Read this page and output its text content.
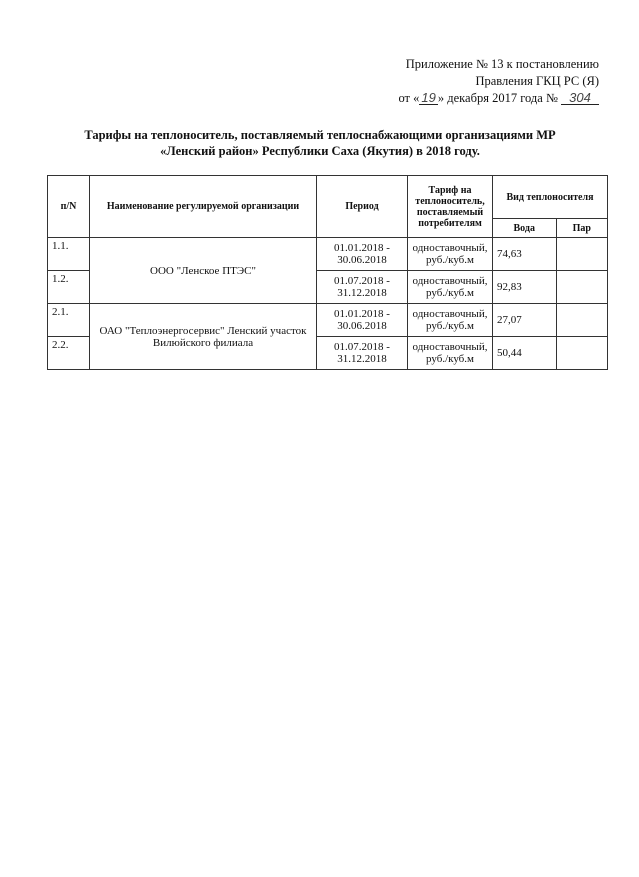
Приложение № 13 к постановлению
Правления ГКЦ РС (Я)
от « 19 » декабря 2017 года № 304
Тарифы на теплоноситель, поставляемый теплоснабжающими организациями МР
«Ленский район» Республики Саха (Якутия) в 2018 году.
п/N	Наименование регулируемой организации	Период	Тариф на теплоноситель, поставляемый потребителям	Вид теплоносителя	
				Вода	Пар
1.1.	ООО "Ленское ПТЭС"	01.01.2018 - 30.06.2018	одноставочный, руб./куб.м	74,63	
1.2.		01.07.2018 - 31.12.2018	одноставочный, руб./куб.м	92,83	
2.1.	ОАО "Теплоэнергосервис" Ленский участок Вилюйского филиала	01.01.2018 - 30.06.2018	одноставочный, руб./куб.м	27,07	
2.2.		01.07.2018 - 31.12.2018	одноставочный, руб./куб.м	50,44	
